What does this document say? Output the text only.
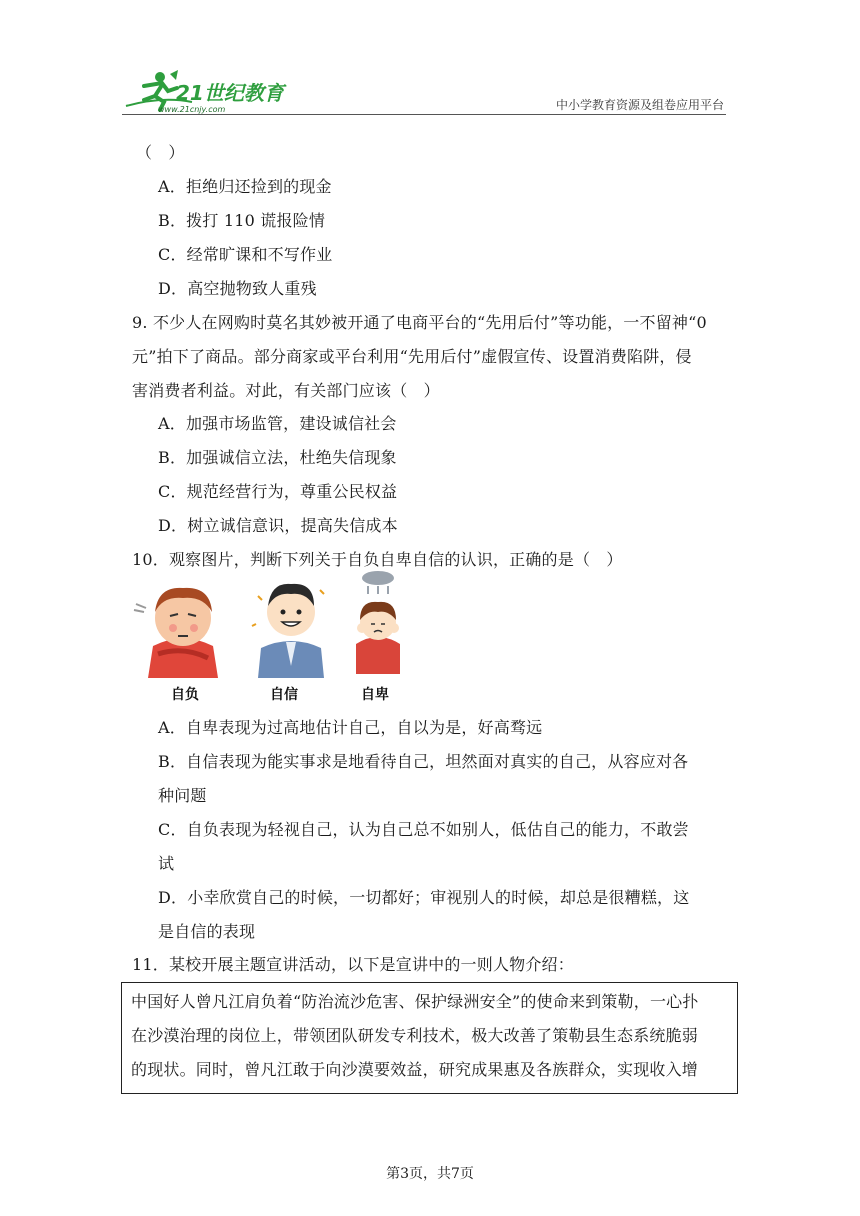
21世纪教育
www.21cnjy.com	中小学教育资源及组卷应用平台
（　）
A．拒绝归还捡到的现金
B．拨打 110 谎报险情
C．经常旷课和不写作业
D．高空抛物致人重残
9. 不少人在网购时莫名其妙被开通了电商平台的“先用后付”等功能，一不留神“0
元”拍下了商品。部分商家或平台利用“先用后付”虚假宣传、设置消费陷阱，侵
害消费者利益。对此，有关部门应该（　）
A．加强市场监管，建设诚信社会
B．加强诚信立法，杜绝失信现象
C．规范经营行为，尊重公民权益
D．树立诚信意识，提高失信成本
10．观察图片，判断下列关于自负自卑自信的认识，正确的是（　）
自负	自信	自卑
A．自卑表现为过高地估计自己，自以为是，好高骛远
B．自信表现为能实事求是地看待自己，坦然面对真实的自己，从容应对各
种问题
C．自负表现为轻视自己，认为自己总不如别人，低估自己的能力，不敢尝
试
D．小幸欣赏自己的时候，一切都好；审视别人的时候，却总是很糟糕，这
是自信的表现
11．某校开展主题宣讲活动，以下是宣讲中的一则人物介绍：
中国好人曾凡江肩负着“防治流沙危害、保护绿洲安全”的使命来到策勒，一心扑
在沙漠治理的岗位上，带领团队研发专利技术，极大改善了策勒县生态系统脆弱
的现状。同时，曾凡江敢于向沙漠要效益，研究成果惠及各族群众，实现收入增
第3页，共7页
